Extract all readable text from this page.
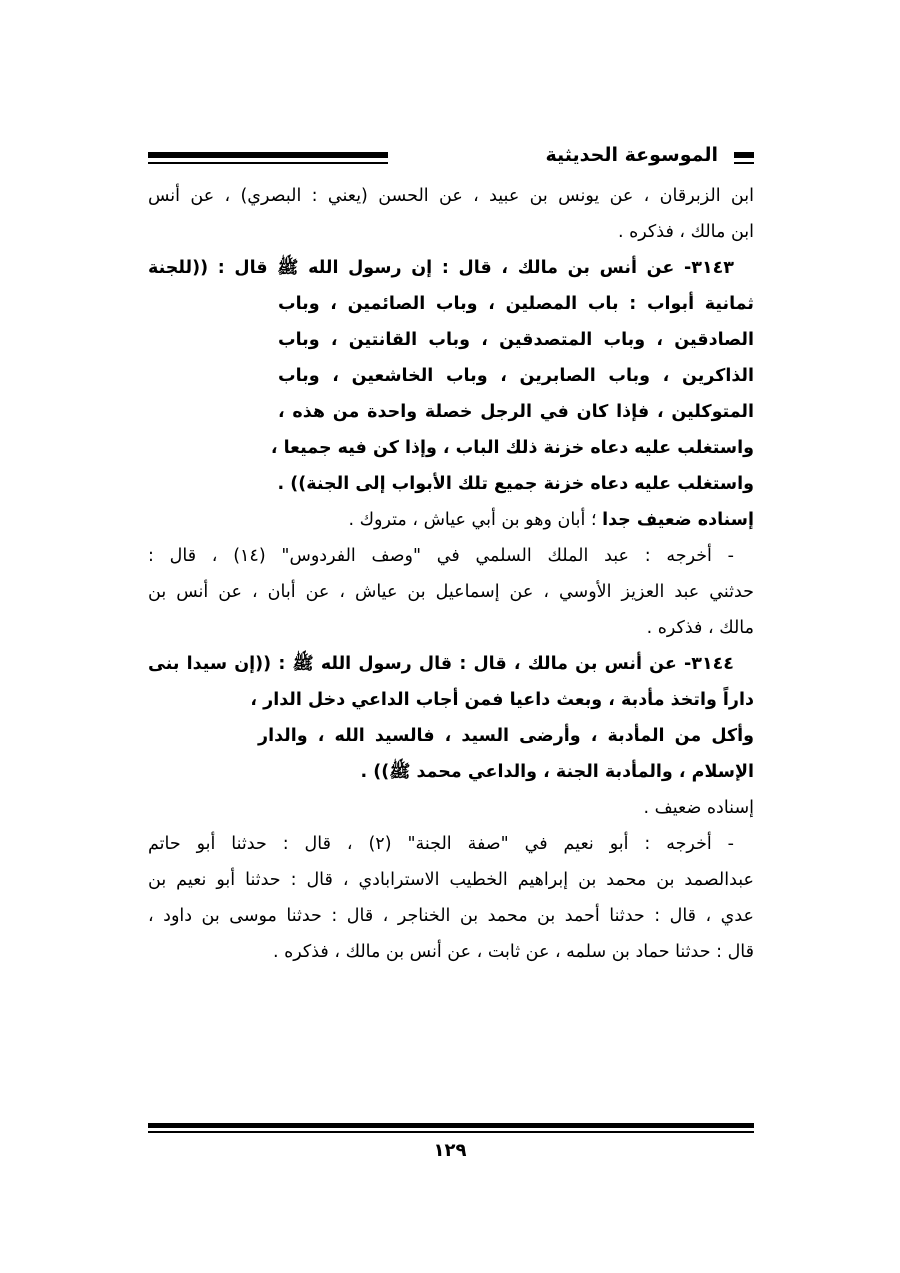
الموسوعة الحديثية
ابن الزبرقان ، عن يونس بن عبيد ، عن الحسن (يعني : البصري) ، عن أنس
ابن مالك ، فذكره .
٣١٤٣- عن أنس بن مالك ، قال : إن رسول الله ﷺ قال : ((للجنة
ثمانية أبواب : باب المصلين ، وباب الصائمين ، وباب
الصادقين ، وباب المتصدقين ، وباب القانتين ، وباب
الذاكرين ، وباب الصابرين ، وباب الخاشعين ، وباب
المتوكلين ، فإذا كان في الرجل خصلة واحدة من هذه ،
واستغلب عليه دعاه خزنة ذلك الباب ، وإذا كن فيه جميعا ،
واستغلب عليه دعاه خزنة جميع تلك الأبواب إلى الجنة)) .
إسناده ضعيف جدا ؛ أبان وهو بن أبي عياش ، متروك .
- أخرجه : عبد الملك السلمي في "وصف الفردوس" (١٤) ، قال :
حدثني عبد العزيز الأوسي ، عن إسماعيل بن عياش ، عن أبان ، عن أنس بن
مالك ، فذكره .
٣١٤٤- عن أنس بن مالك ، قال : قال رسول الله ﷺ : ((إن سيدا بنى
داراً واتخذ مأدبة ، وبعث داعيا فمن أجاب الداعي دخل الدار ،
وأكل من المأدبة ، وأرضى السيد ، فالسيد الله ، والدار
الإسلام ، والمأدبة الجنة ، والداعي محمد ﷺ)) .
إسناده ضعيف .
- أخرجه : أبو نعيم في "صفة الجنة" (٢) ، قال : حدثنا أبو حاتم
عبدالصمد بن محمد بن إبراهيم الخطيب الاسترابادي ، قال : حدثنا أبو نعيم بن
عدي ، قال : حدثنا أحمد بن محمد بن الخناجر ، قال : حدثنا موسى بن داود ،
قال : حدثنا حماد بن سلمه ، عن ثابت ، عن أنس بن مالك ، فذكره .
١٢٩
